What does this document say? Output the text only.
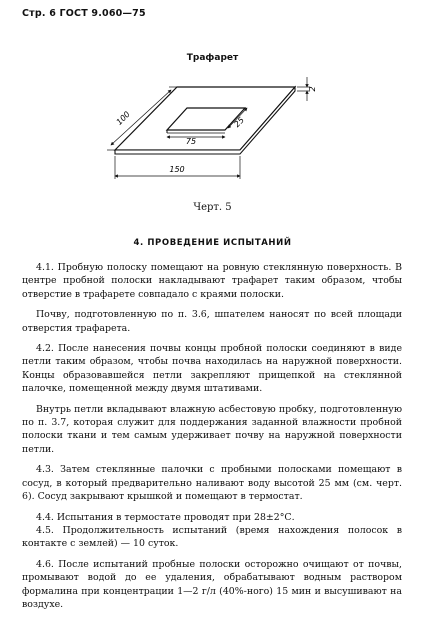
Стр. 6 ГОСТ 9.060—75
Трафарет
2
100
75
25
150
Черт. 5
4. ПРОВЕДЕНИЕ ИСПЫТАНИЙ

4.1. Пробную полоску помещают на ровную стеклянную поверхность. В центре пробной полоски накладывают трафарет таким образом, чтобы отверстие в трафарете совпадало с краями полоски.

Почву, подготовленную по п. 3.6, шпателем наносят по всей площади отверстия трафарета.

4.2. После нанесения почвы концы пробной полоски соединяют в виде петли таким образом, чтобы почва находилась на наружной поверхности. Концы образовавшейся петли закрепляют прищепкой на стеклянной палочке, помещенной между двумя штативами.

Внутрь петли вкладывают влажную асбестовую пробку, подготовленную по п. 3.7, которая служит для поддержания заданной влажности пробной полоски ткани и тем самым удерживает почву на наружной поверхности петли.

4.3. Затем стеклянные палочки с пробными полосками помещают в сосуд, в который предварительно наливают воду высотой 25 мм (см. черт. 6). Сосуд закрывают крышкой и помещают в термостат.

4.4. Испытания в термостате проводят при 28±2°С.

4.5. Продолжительность испытаний (время нахождения полосок в контакте с землей) — 10 суток.

4.6. После испытаний пробные полоски осторожно очищают от почвы, промывают водой до ее удаления, обрабатывают водным раствором формалина при концентрации 1—2 г/л (40%-ного) 15 мин и высушивают на воздухе.
